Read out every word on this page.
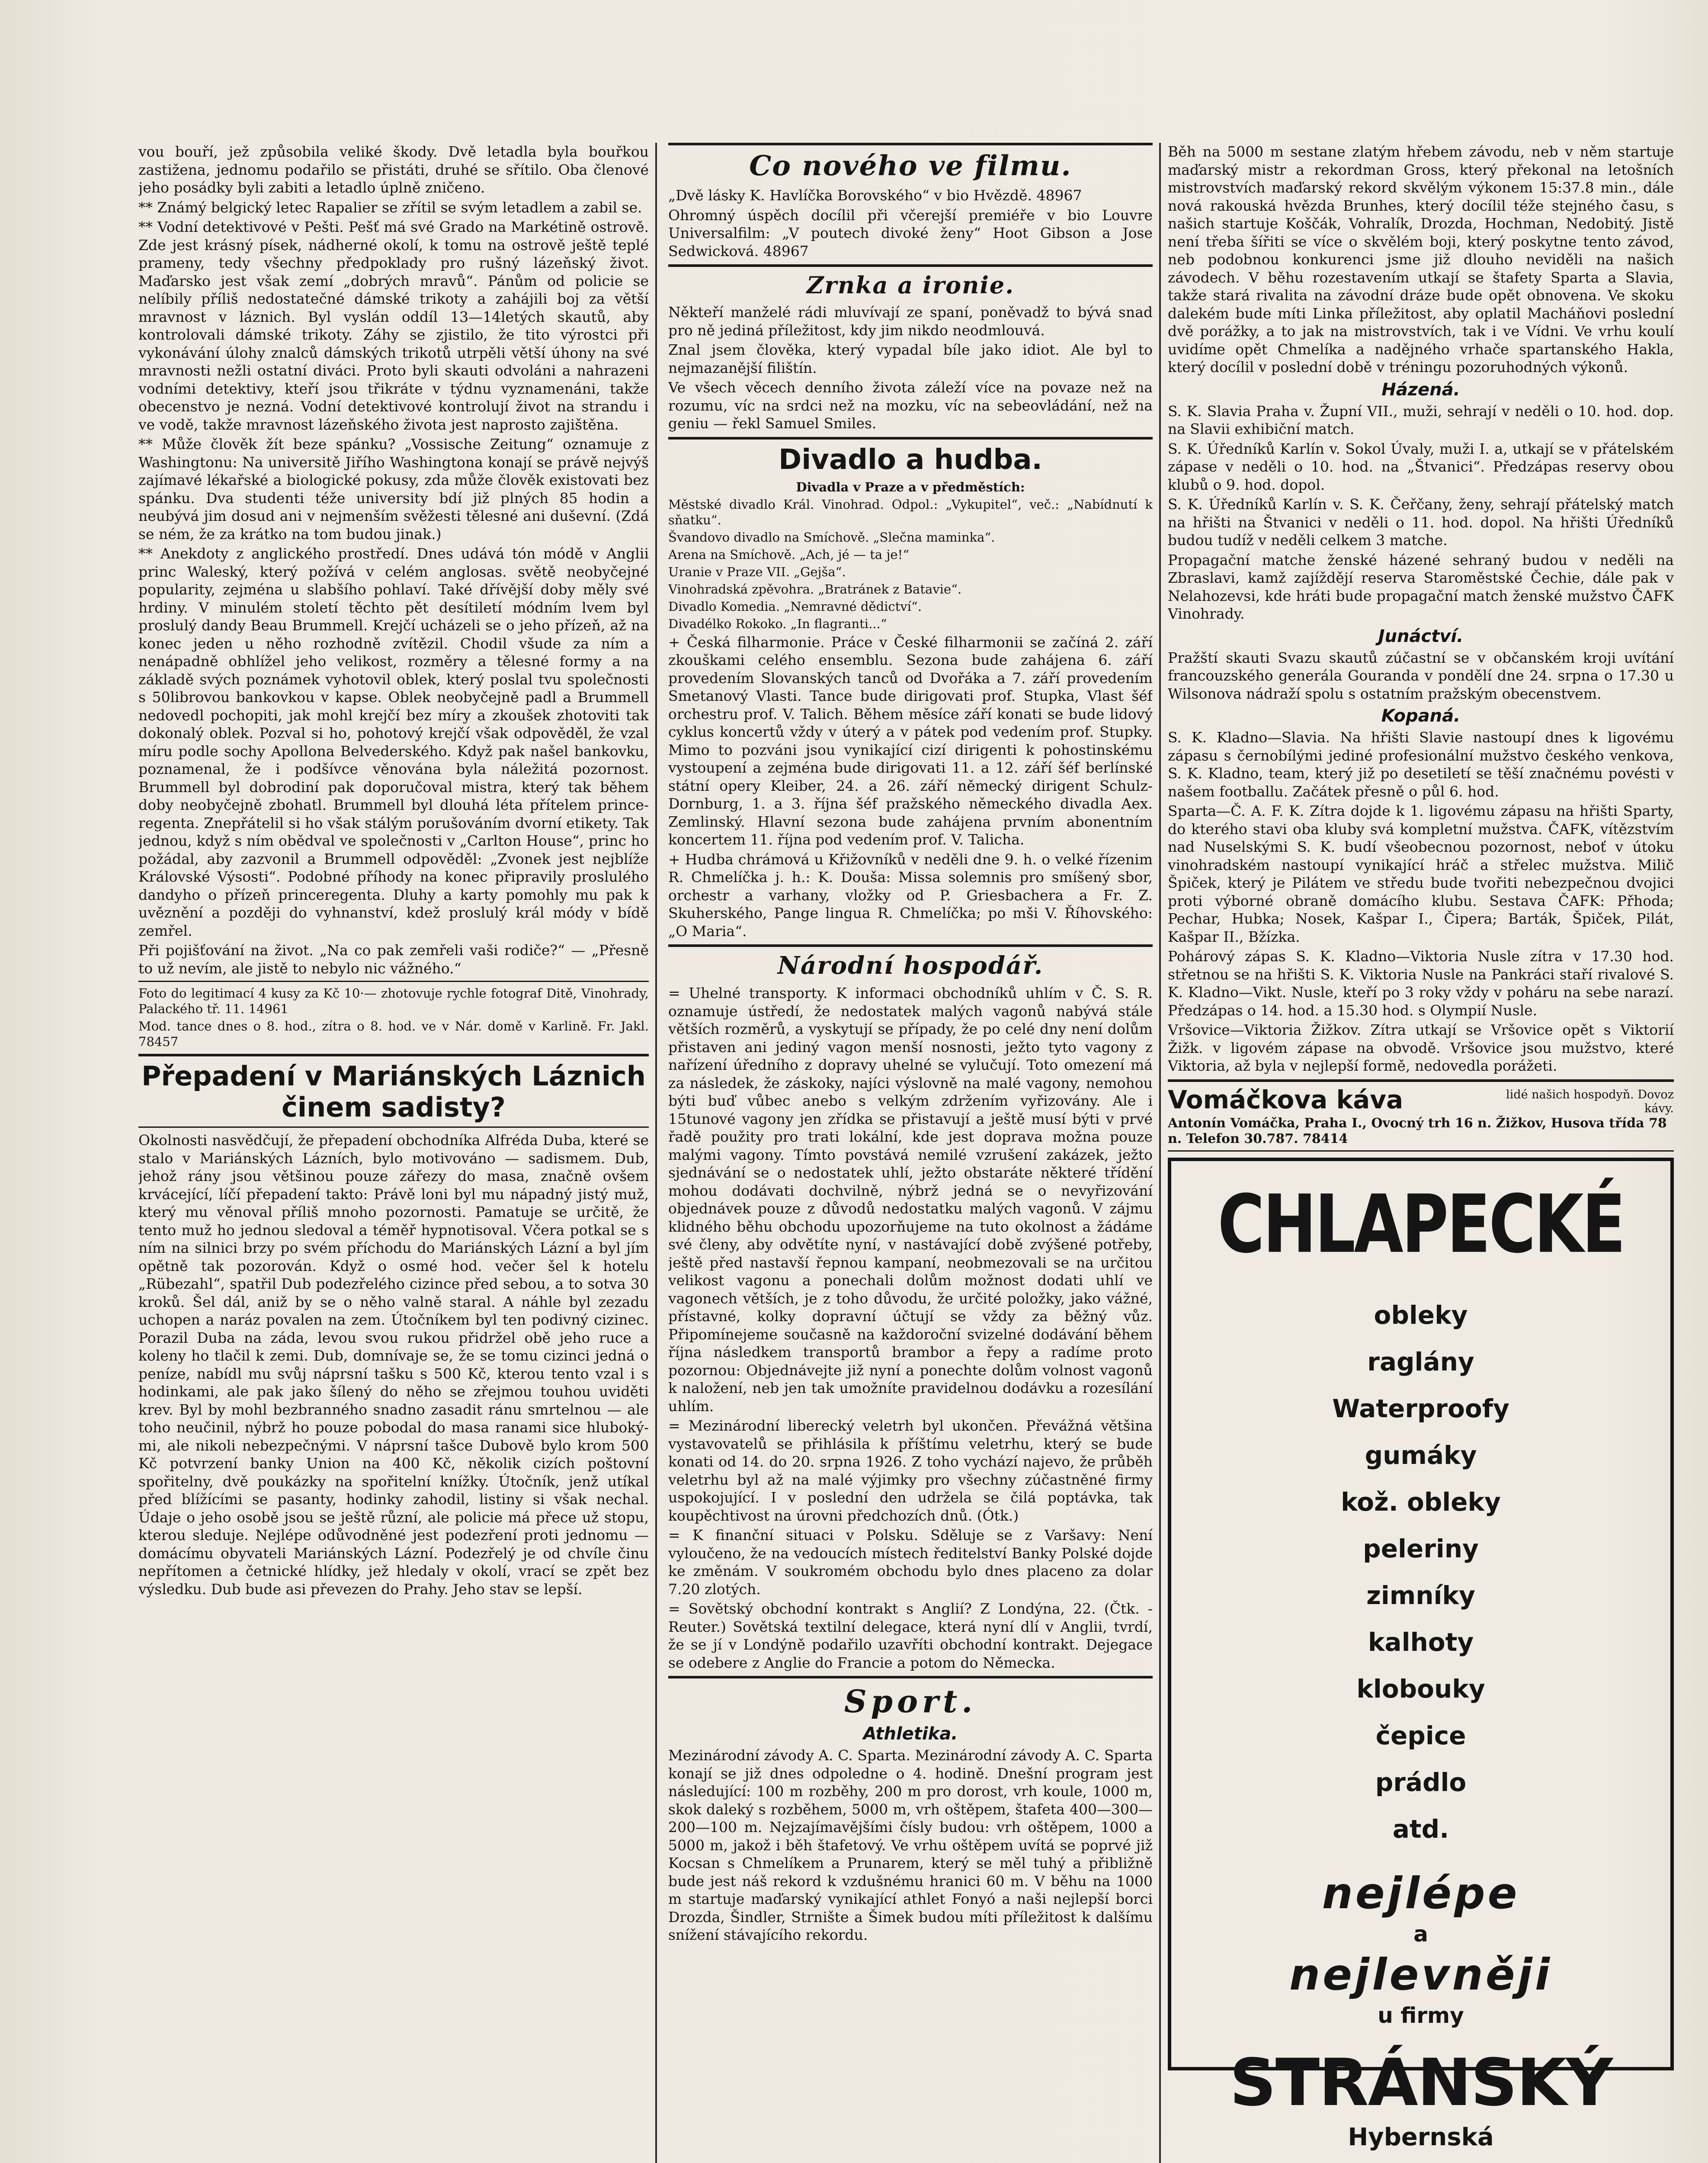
vou bouří, jež způsobila veliké škody. Dvě letadla byla bouřkou zastižena, jednomu podařilo se přistáti, druhé se sřítilo. Oba členové jeho posádky byli zabiti a letadlo úplně zničeno.

** Známý belgický letec Rapalier se zřítil se svým letadlem a zabil se.

** Vodní detektivové v Pešti. Pešť má své Grado na Markétině ostrově. Zde jest krásný písek, nádherné okolí, k tomu na ostrově ještě teplé prameny, tedy všechny předpoklady pro rušný lázeňský život. Maďarsko jest však zemí „dobrých mravů“. Pánům od policie se nelíbily příliš nedostatečné dámské trikoty a zahájili boj za větší mravnost v láznich. Byl vyslán oddíl 13—14letých skautů, aby kontrolovali dámské trikoty. Záhy se zjistilo, že tito výrostci při vykonávání úlohy znalců dámských trikotů utrpěli větší úhony na své mravnosti nežli ostatní diváci. Proto byli skauti odvoláni a nahrazeni vodními detektivy, kteří jsou třikráte v týdnu vyznamenáni, takže obecenstvo je nezná. Vodní detektivové kontrolují život na strandu i ve vodě, takže mravnost lázeňského života jest naprosto zajištěna.

** Může člověk žít beze spánku? „Vossische Zeitung“ oznamuje z Washingtonu: Na universitě Jiřího Washingtona konají se právě nejvýš zajímavé lékařské a biologické pokusy, zda může člověk existovati bez spánku. Dva studenti téže university bdí již plných 85 hodin a neubývá jim dosud ani v nejmenším svěžesti tělesné ani duševní. (Zdá se ném, že za krátko na tom budou jinak.)

** Anekdoty z anglického prostředí. Dnes udává tón módě v Anglii princ Waleský, který požívá v celém anglosas. světě neobyčejné popularity, zejména u slabšího pohlaví. Také dřívější doby měly své hrdiny. V minulém století těchto pět desítiletí módním lvem byl proslulý dandy Beau Brummell. Krejčí ucházeli se o jeho přízeň, až na konec jeden u něho rozhodně zvítězil. Chodil všude za ním a nenápadně obhlížel jeho velikost, rozměry a tělesné formy a na základě svých poznámek vyhotovil oblek, který poslal tvu společnosti s 50librovou bankovkou v kapse. Oblek neobyčejně padl a Brummell nedovedl pochopiti, jak mohl krejčí bez míry a zkoušek zhotoviti tak dokonalý oblek. Pozval si ho, pohotový krejčí však odpověděl, že vzal míru podle sochy Apollona Belvederského. Když pak našel bankovku, poznamenal, že i podšívce věnována byla náležitá pozornost. Brummell byl dobrodiní pak doporučoval mistra, který tak během doby neobyčejně zbohatl. Brummell byl dlouhá léta přítelem prince-regenta. Znepřátelil si ho však stálým porušováním dvorní etikety. Tak jednou, když s ním obědval ve společnosti v „Carlton House“, princ ho požádal, aby zazvonil a Brummell odpověděl: „Zvonek jest nejblíže Královské Výsosti“. Podobné příhody na konec připravily proslulého dandyho o přízeň princeregenta. Dluhy a karty pomohly mu pak k uvěznění a později do vyhnanství, kdež proslulý král módy v bídě zemřel.

Při pojišťování na život. „Na co pak zemřeli vaši rodiče?“ — „Přesně to už nevím, ale jistě to nebylo nic vážného.“

Foto do legitimací 4 kusy za Kč 10·— zhotovuje rychle fotograf Ditě, Vinohrady, Palackého tř. 11. 14961

Mod. tance dnes o 8. hod., zítra o 8. hod. ve v Nár. domě v Karlině. Fr. Jakl. 78457

Přepadení v Mariánských Láznich činem sadisty?

Okolnosti nasvědčují, že přepadení obchodníka Alfréda Duba, které se stalo v Mariánských Lázních, bylo motivováno — sadismem. Dub, jehož rány jsou většinou pouze zářezy do masa, značně ovšem krvácející, líčí přepadení takto: Právě loni byl mu nápadný jistý muž, který mu věnoval příliš mnoho pozornosti. Pamatuje se určitě, že tento muž ho jednou sledoval a téměř hypnotisoval. Včera potkal se s ním na silnici brzy po svém příchodu do Mariánských Lázní a byl jím opětně tak pozorován. Když o osmé hod. večer šel k hotelu „Rübezahl“, spatřil Dub podezřelého cizince před sebou, a to sotva 30 kroků. Šel dál, aniž by se o něho valně staral. A náhle byl zezadu uchopen a naráz povalen na zem. Útočníkem byl ten podivný cizinec. Porazil Duba na záda, levou svou rukou přidržel obě jeho ruce a koleny ho tlačil k zemi. Dub, domnívaje se, že se tomu cizinci jedná o peníze, nabídl mu svůj náprsní tašku s 500 Kč, kterou tento vzal i s hodinkami, ale pak jako šílený do něho se zřejmou touhou uviděti krev. Byl by mohl bezbranného snadno zasadit ránu smrtelnou — ale toho neučinil, nýbrž ho pouze pobodal do masa ranami sice hlubokými, ale nikoli nebezpečnými. V náprsní tašce Dubově bylo krom 500 Kč potvrzení banky Union na 400 Kč, několik cizích poštovní spořitelny, dvě poukázky na spořitelní knížky. Útočník, jenž utíkal před blížícími se pasanty, hodinky zahodil, listiny si však nechal. Údaje o jeho osobě jsou se ještě různí, ale policie má přece už stopu, kterou sleduje. Nejlépe odůvodněné jest podezření proti jednomu — domácímu obyvateli Mariánských Lázní. Podezřelý je od chvíle činu nepřítomen a četnické hlídky, jež hledaly v okolí, vrací se zpět bez výsledku. Dub bude asi převezen do Prahy. Jeho stav se lepší.

Co nového ve filmu.

„Dvě lásky K. Havlíčka Borovského“ v bio Hvězdě. 48967

Ohromný úspěch docílil při včerejší premiéře v bio Louvre Universalfilm: „V poutech divoké ženy“ Hoot Gibson a Jose Sedwicková. 48967

Zrnka a ironie.

Někteří manželé rádi mluvívají ze spaní, poněvadž to bývá snad pro ně jediná příležitost, kdy jim nikdo neodmlouvá.

Znal jsem člověka, který vypadal bíle jako idiot. Ale byl to nejmazanější filištín.

Ve všech věcech denního života záleží více na povaze než na rozumu, víc na srdci než na mozku, víc na sebeovládání, než na geniu — řekl Samuel Smiles.

Divadlo a hudba.

Divadla v Praze a v předměstích:

Městské divadlo Král. Vinohrad. Odpol.: „Vykupitel“, več.: „Nabídnutí k sňatku“.

Švandovo divadlo na Smíchově. „Slečna maminka“.

Arena na Smíchově. „Ach, jé — ta je!“

Uranie v Praze VII. „Gejša“.

Vinohradská zpěvohra. „Bratránek z Batavie“.

Divadlo Komedia. „Nemravné dědictví“.

Divadélko Rokoko. „In flagranti...“

+ Česká filharmonie. Práce v České filharmonii se začíná 2. září zkouškami celého ensemblu. Sezona bude zahájena 6. září provedením Slovanských tanců od Dvořáka a 7. září provedením Smetanový Vlasti. Tance bude dirigovati prof. Stupka, Vlast šéf orchestru prof. V. Talich. Během měsíce září konati se bude lidový cyklus koncertů vždy v úterý a v pátek pod vedením prof. Stupky. Mimo to pozváni jsou vynikající cizí dirigenti k pohostinskému vystoupení a zejména bude dirigovati 11. a 12. září šéf berlínské státní opery Kleiber, 24. a 26. září německý dirigent Schulz-Dornburg, 1. a 3. října šéf pražského německého divadla Aex. Zemlinský. Hlavní sezona bude zahájena prvním abonentním koncertem 11. října pod vedením prof. V. Talicha.

+ Hudba chrámová u Křižovníků v neděli dne 9. h. o velké řízenim R. Chmelíčka j. h.: K. Douša: Missa solemnis pro smíšený sbor, orchestr a varhany, vložky od P. Griesbachera a Fr. Z. Skuherského, Pange lingua R. Chmelíčka; po mši V. Říhovského: „O Maria“.

Národní hospodář.

= Uhelné transporty. K informaci obchodníků uhlím v Č. S. R. oznamuje ústředí, že nedostatek malých vagonů nabývá stále větších rozměrů, a vyskytují se případy, že po celé dny není dolům přistaven ani jediný vagon menší nosnosti, ježto tyto vagony z nařízení úředního z dopravy uhelné se vylučují. Toto omezení má za následek, že záskoky, najíci výslovně na malé vagony, nemohou býti buď vůbec anebo s velkým zdržením vyřizovány. Ale i 15tunové vagony jen zřídka se přistavují a ještě musí býti v prvé řadě použity pro trati lokální, kde jest doprava možna pouze malými vagony. Tímto povstává nemilé vzrušení zakázek, ježto sjednávání se o nedostatek uhlí, ježto obstaráte některé třídění mohou dodávati dochvilně, nýbrž jedná se o nevyřizování objednávek pouze z důvodů nedostatku malých vagonů. V zájmu klidného běhu obchodu upozorňujeme na tuto okolnost a žádáme své členy, aby odvětíte nyní, v nastávající době zvýšené potřeby, ještě před nastavší řepnou kampaní, neobmezovali se na určitou velikost vagonu a ponechali dolům možnost dodati uhlí ve vagonech větších, je z toho důvodu, že určité položky, jako vážné, přístavné, kolky dopravní účtují se vždy za běžný vůz. Připomínejeme současně na každoroční svizelné dodávání během října následkem transportů brambor a řepy a radíme proto pozornou: Objednávejte již nyní a ponechte dolům volnost vagonů k naložení, neb jen tak umožníte pravidelnou dodávku a rozesílání uhlím.

= Mezinárodní liberecký veletrh byl ukončen. Převážná většina vystavovatelů se přihlásila k příštímu veletrhu, který se bude konati od 14. do 20. srpna 1926. Z toho vychází najevo, že průběh veletrhu byl až na malé výjimky pro všechny zúčastněné firmy uspokojující. I v poslední den udržela se čilá poptávka, tak koupěchtivost na úrovni předchozích dnů. (Ótk.)

= K finanční situaci v Polsku. Sděluje se z Varšavy: Není vyloučeno, že na vedoucích místech ředitelství Banky Polské dojde ke změnám. V soukromém obchodu bylo dnes placeno za dolar 7.20 zlotých.

= Sovětský obchodní kontrakt s Anglií? Z Londýna, 22. (Čtk. - Reuter.) Sovětská textilní delegace, která nyní dlí v Anglii, tvrdí, že se jí v Londýně podařilo uzavříti obchodní kontrakt. Dejegace se odebere z Anglie do Francie a potom do Německa.

Sport.
Athletika.

Mezinárodní závody A. C. Sparta. Mezinárodní závody A. C. Sparta konají se již dnes odpoledne o 4. hodině. Dnešní program jest následující: 100 m rozběhy, 200 m pro dorost, vrh koule, 1000 m, skok daleký s rozběhem, 5000 m, vrh oštěpem, štafeta 400—300—200—100 m. Nejzajímavějšími čísly budou: vrh oštěpem, 1000 a 5000 m, jakož i běh štafetový. Ve vrhu oštěpem uvítá se poprvé již Kocsan s Chmelíkem a Prunarem, který se měl tuhý a přibližně bude jest náš rekord k vzdušnému hranici 60 m. V běhu na 1000 m startuje maďarský vynikající athlet Fonyó a naši nejlepší borci Drozda, Šindler, Strnište a Šimek budou míti příležitost k dalšímu snížení stávajícího rekordu.

Běh na 5000 m sestane zlatým hřebem závodu, neb v něm startuje maďarský mistr a rekordman Gross, který překonal na letošních mistrovstvích maďarský rekord skvělým výkonem 15:37.8 min., dále nová rakouská hvězda Brunhes, který docílil téže stejného času, s našich startuje Koščák, Vohralík, Drozda, Hochman, Nedobitý. Jistě není třeba šířiti se více o skvělém boji, který poskytne tento závod, neb podobnou konkurenci jsme již dlouho neviděli na našich závodech. V běhu rozestavením utkají se štafety Sparta a Slavia, takže stará rivalita na závodní dráze bude opět obnovena. Ve skoku dalekém bude míti Linka příležitost, aby oplatil Macháňovi poslední dvě porážky, a to jak na mistrovstvích, tak i ve Vídni. Ve vrhu koulí uvidíme opět Chmelíka a nadějného vrhače spartanského Hakla, který docílil v poslední době v tréningu pozoruhodných výkonů.

Házená.

S. K. Slavia Praha v. Župní VII., muži, sehrají v neděli o 10. hod. dop. na Slavii exhibiční match.

S. K. Úředníků Karlín v. Sokol Úvaly, muži I. a, utkají se v přátelském zápase v neděli o 10. hod. na „Štvanici“. Předzápas reservy obou klubů o 9. hod. dopol.

S. K. Úředníků Karlín v. S. K. Čeřčany, ženy, sehrají přátelský match na hřišti na Štvanici v neděli o 11. hod. dopol. Na hřišti Úředníků budou tudíž v neděli celkem 3 matche.

Propagační matche ženské házené sehraný budou v neděli na Zbraslavi, kamž zajíždějí reserva Staroměstské Čechie, dále pak v Nelahozevsi, kde hráti bude propagační match ženské mužstvo ČAFK Vinohrady.

Junáctví.

Pražští skauti Svazu skautů zúčastní se v občanském kroji uvítání francouzského generála Gouranda v pondělí dne 24. srpna o 17.30 u Wilsonova nádraží spolu s ostatním pražským obecenstvem.

Kopaná.

S. K. Kladno—Slavia. Na hřišti Slavie nastoupí dnes k ligovému zápasu s černobílými jediné profesionální mužstvo českého venkova, S. K. Kladno, team, který již po desetiletí se těší značnému povésti v našem footballu. Začátek přesně o půl 6. hod.

Sparta—Č. A. F. K. Zítra dojde k 1. ligovému zápasu na hřišti Sparty, do kterého stavi oba kluby svá kompletní mužstva. ČAFK, vítězstvím nad Nuselskými S. K. budí všeobecnou pozornost, neboť v útoku vinohradském nastoupí vynikající hráč a střelec mužstva. Milič Špiček, který je Pilátem ve středu bude tvořiti nebezpečnou dvojici proti výborné obraně domácího klubu. Sestava ČAFK: Přhoda; Pechar, Hubka; Nosek, Kašpar I., Čipera; Barták, Špiček, Pilát, Kašpar II., Bžízka.

Pohárový zápas S. K. Kladno—Viktoria Nusle zítra v 17.30 hod. střetnou se na hřišti S. K. Viktoria Nusle na Pankráci staří rivalové S. K. Kladno—Vikt. Nusle, kteří po 3 roky vždy v poháru na sebe narazí. Předzápas o 14. hod. a 15.30 hod. s Olympií Nusle.

Vršovice—Viktoria Žižkov. Zítra utkají se Vršovice opět s Viktorií Žižk. v ligovém zápase na obvodě. Vršovice jsou mužstvo, které Viktoria, až byla v nejlepší formě, nedovedla porážeti.

lidé našich hospodyň. Dovoz kávy.
Vomáčkova káva
Antonín Vomáčka, Praha I., Ovocný trh 16 n. Žižkov, Husova třída 78 n. Telefon 30.787. 78414
CHLAPECKÉ
obleky
raglány
Waterproofy
gumáky
kož. obleky
peleriny
zimníky
kalhoty
klobouky
čepice
prádlo
atd.
nejlépe
a
nejlevněji
u firmy
STRÁNSKÝ
Hybernská
